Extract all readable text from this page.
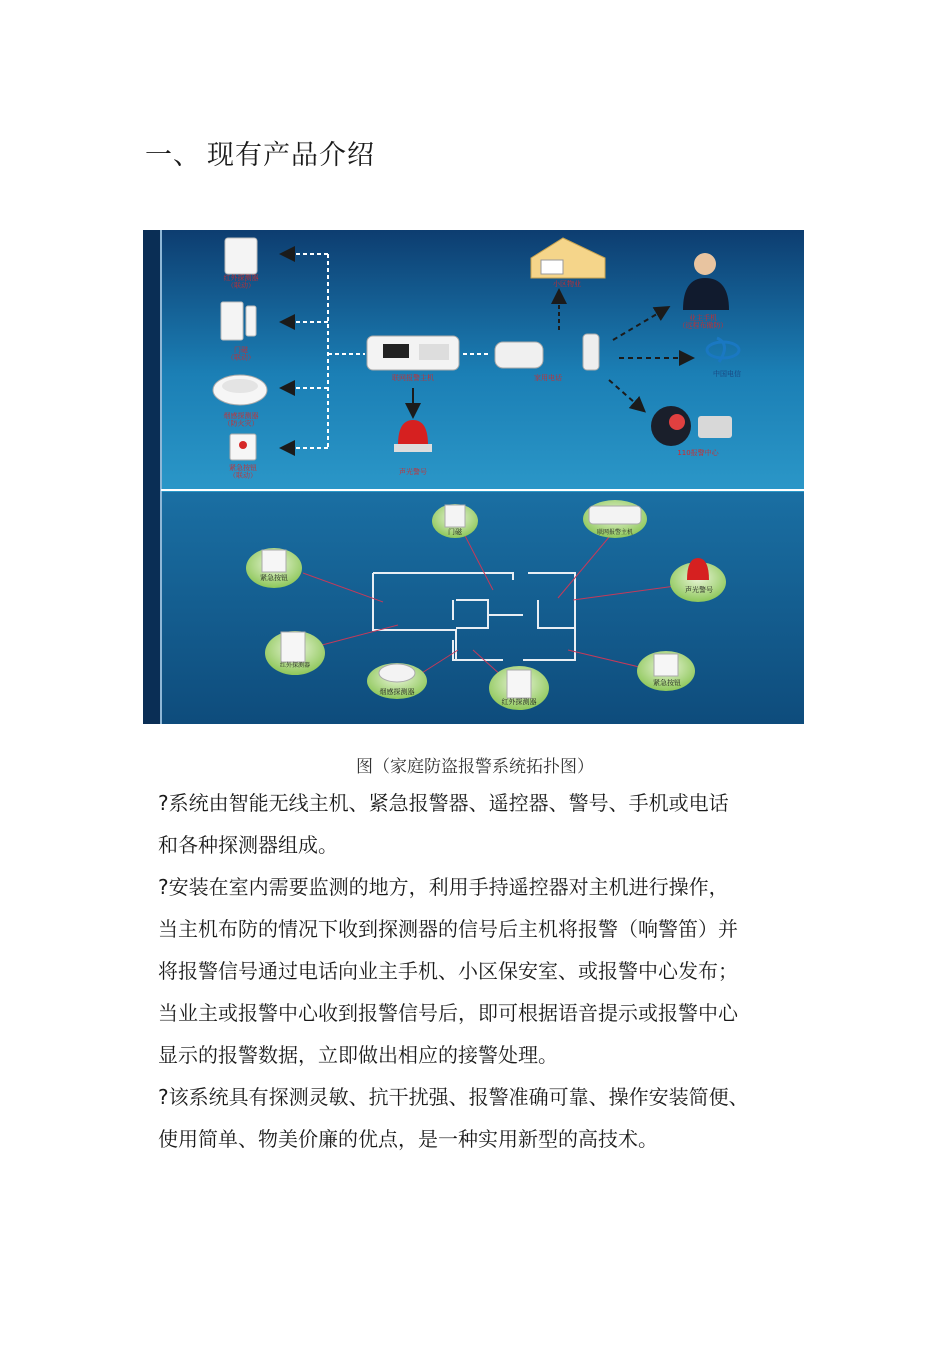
一、 现有产品介绍
红外探测器（联动）
门磁（联动）
烟感探测器（防火灾）
紧急按钮（联动）
联网报警主机
声光警号
家用电话
小区物业
业主手机（远程布撤防）
中国电信
110报警中心
门磁	联网报警主机
紧急按钮
声光警号
红外探测器
烟感探测器
红外探测器
紧急按钮
图（家庭防盗报警系统拓扑图）

?系统由智能无线主机、紧急报警器、遥控器、警号、手机或电话

和各种探测器组成。

?安装在室内需要监测的地方，利用手持遥控器对主机进行操作，

当主机布防的情况下收到探测器的信号后主机将报警（响警笛）并

将报警信号通过电话向业主手机、小区保安室、或报警中心发布；

当业主或报警中心收到报警信号后，即可根据语音提示或报警中心

显示的报警数据，立即做出相应的接警处理。

?该系统具有探测灵敏、抗干扰强、报警准确可靠、操作安装简便、

使用简单、物美价廉的优点，是一种实用新型的高技术。
